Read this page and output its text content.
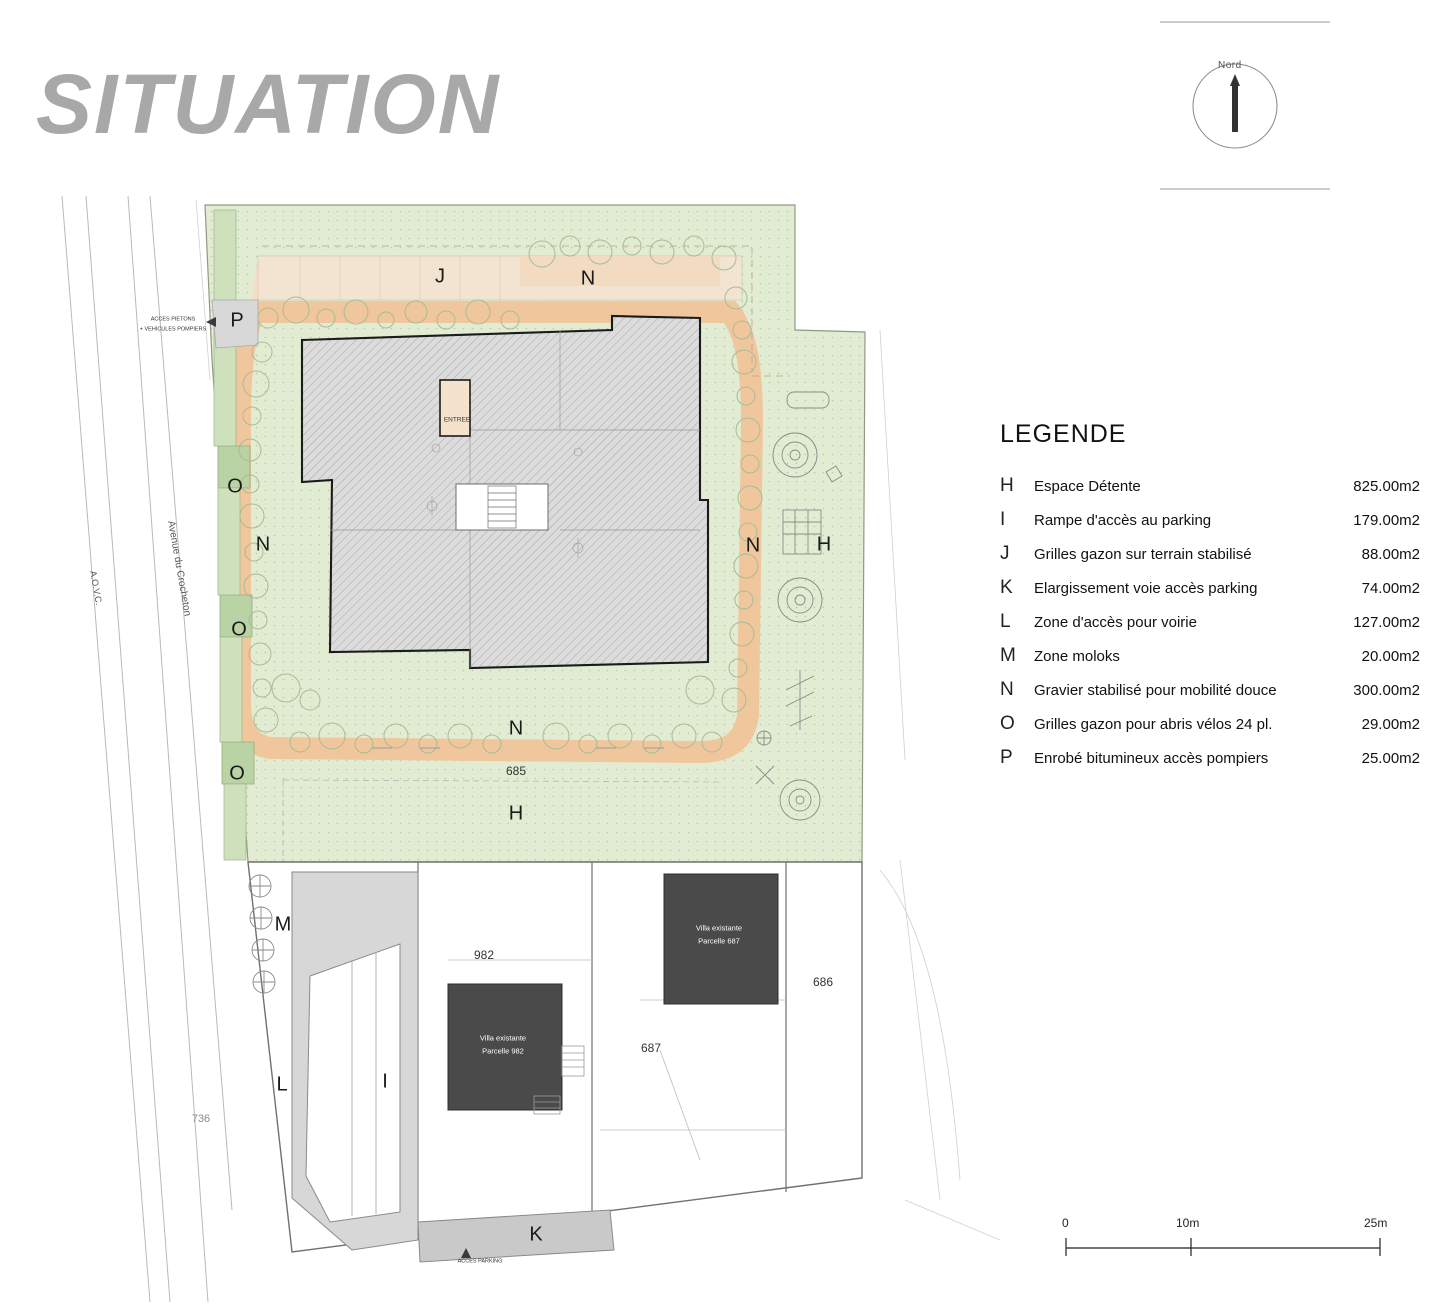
SITUATION	Nord
J	N
P
O
N
O
N	H
O
N
H
M
L	I
K
685
982
687
686
736
Villa existante
Parcelle 687
Villa existante
Parcelle 982
ACCES PIETONS
+ VEHICULES POMPIERS
ENTREE
ACCES PARKING
Avenue du Crocheton
A.O.V.C.
LEGENDE
H	Espace Détente	825.00m2
I	Rampe d'accès au parking	179.00m2
J	Grilles gazon sur terrain stabilisé	88.00m2
K	Elargissement voie accès parking	74.00m2
L	Zone d'accès pour voirie	127.00m2
M	Zone moloks	20.00m2
N	Gravier stabilisé pour mobilité douce	300.00m2
O	Grilles gazon pour abris vélos 24 pl.	29.00m2
P	Enrobé bitumineux accès pompiers	25.00m2
0	10m	25m
